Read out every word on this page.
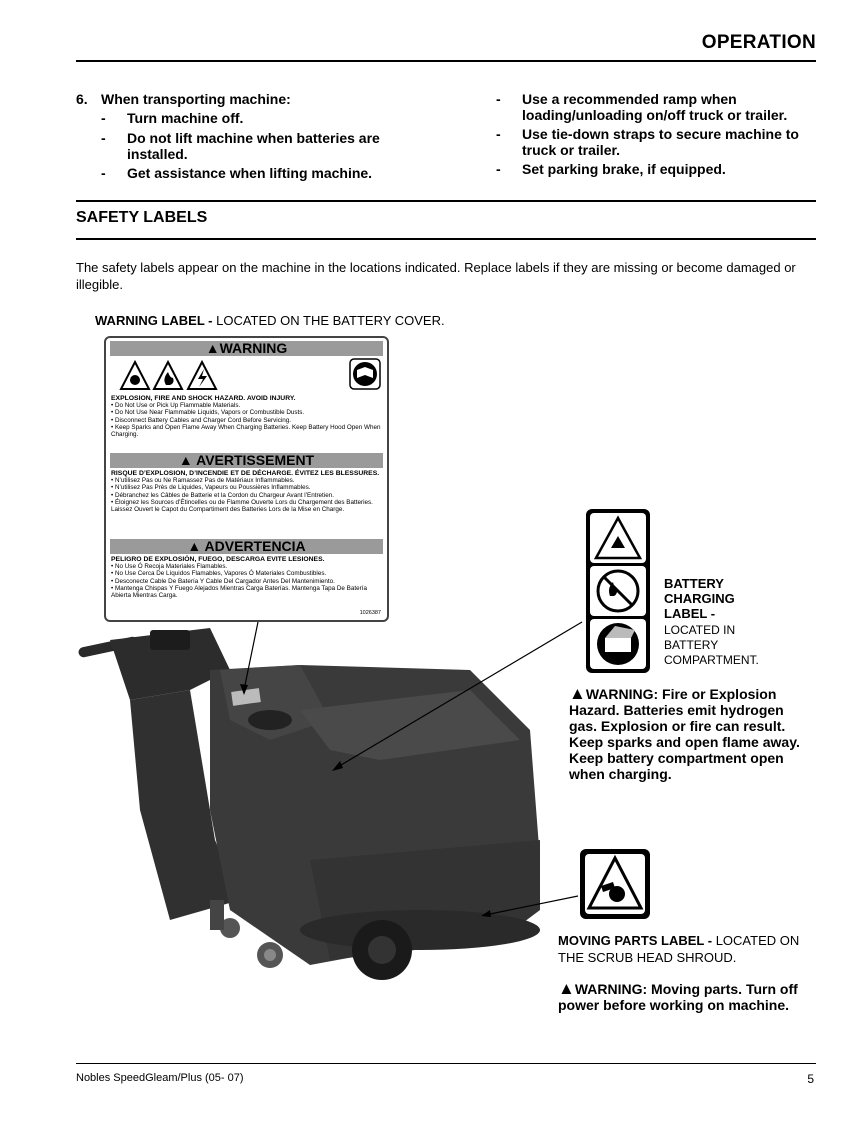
OPERATION
6. When transporting machine:
- Turn machine off.
- Do not lift machine when batteries are installed.
- Get assistance when lifting machine.
- Use a recommended ramp when loading/unloading on/off truck or trailer.
- Use tie-down straps to secure machine to truck or trailer.
- Set parking brake, if equipped.
SAFETY LABELS
The safety labels appear on the machine in the locations indicated. Replace labels if they are missing or become damaged or illegible.
WARNING LABEL - LOCATED ON THE BATTERY COVER.
▲WARNING
EXPLOSION, FIRE AND SHOCK HAZARD. AVOID INJURY.
• Do Not Use or Pick Up Flammable Materials.
• Do Not Use Near Flammable Liquids, Vapors or Combustible Dusts.
• Disconnect Battery Cables and Charger Cord Before Servicing.
• Keep Sparks and Open Flame Away When Charging Batteries. Keep Battery Hood Open When Charging.
▲ AVERTISSEMENT
RISQUE D’EXPLOSION, D’INCENDIE ET DE DÉCHARGE. ÉVITEZ LES BLESSURES.
• N’utilisez Pas ou Ne Ramassez Pas de Matériaux Inflammables.
• N’utilisez Pas Près de Liquides, Vapeurs ou Poussières Inflammables.
• Débranchez les Câbles de Batterie et la Cordon du Chargeur Avant l’Entretien.
• Éloignez les Sources d’Étincelles ou de Flamme Ouverte Lors du Chargement des Batteries. Laissez Ouvert le Capot du Compartiment des Batteries Lors de la Mise en Charge.
▲ ADVERTENCIA
PELIGRO DE EXPLOSIÓN, FUEGO, DESCARGA EVITE LESIONES.
• No Use Ó Recoja Materiales Flamables.
• No Use Cerca De Líquidos Flamables, Vapores Ó Materiales Combustibles.
• Desconecte Cable De Batería Y Cable Del Cargador Antes Del Mantenimiento.
• Mantenga Chispas Y Fuego Alejados Mientras Carga Baterías. Mantenga Tapa De Batería Abierta Mientras Carga.
1026387
BATTERY
CHARGING
LABEL -
LOCATED IN
BATTERY
COMPARTMENT.
▲WARNING: Fire or Explosion Hazard. Batteries emit hydrogen gas. Explosion or fire can result. Keep sparks and open flame away. Keep battery compartment open when charging.
MOVING PARTS LABEL - LOCATED ON THE SCRUB HEAD SHROUD.
▲WARNING: Moving parts. Turn off power before working on machine.
Nobles SpeedGleam/Plus (05- 07)	5
